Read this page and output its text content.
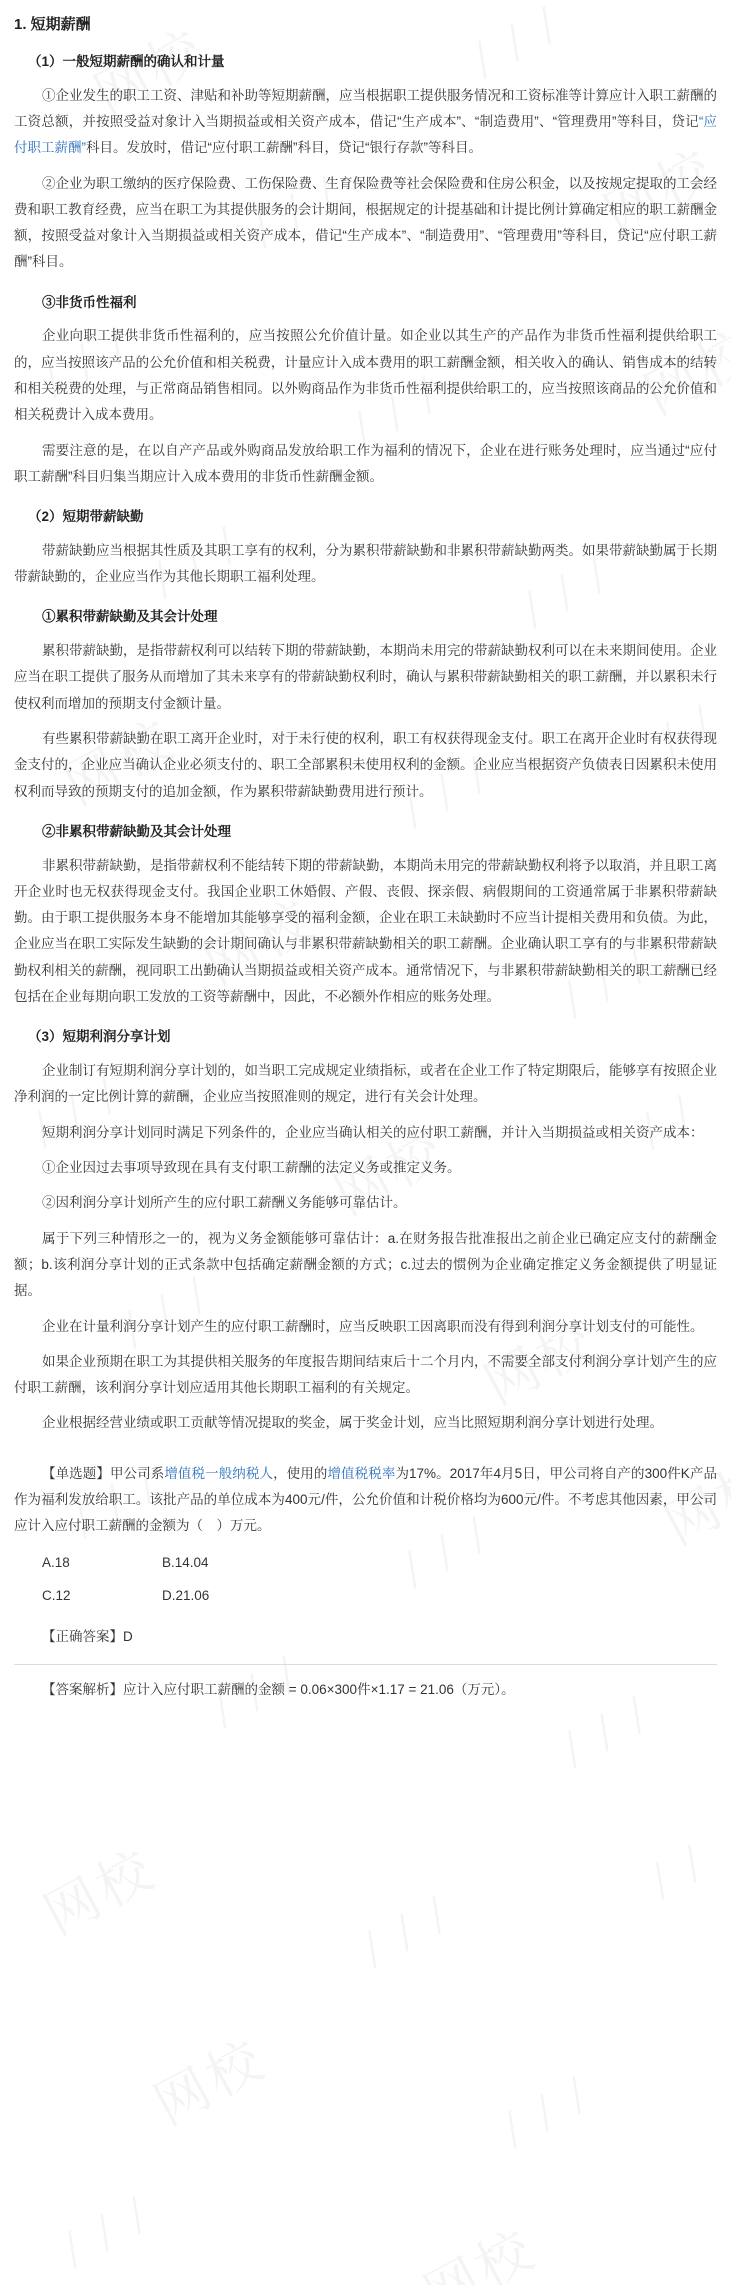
1. 短期薪酬
（1）一般短期薪酬的确认和计量

①企业发生的职工工资、津贴和补助等短期薪酬，应当根据职工提供服务情况和工资标准等计算应计入职工薪酬的工资总额，并按照受益对象计入当期损益或相关资产成本，借记“生产成本”、“制造费用”、“管理费用”等科目，贷记“应付职工薪酬”科目。发放时，借记“应付职工薪酬”科目，贷记“银行存款”等科目。

②企业为职工缴纳的医疗保险费、工伤保险费、生育保险费等社会保险费和住房公积金，以及按规定提取的工会经费和职工教育经费，应当在职工为其提供服务的会计期间，根据规定的计提基础和计提比例计算确定相应的职工薪酬金额，按照受益对象计入当期损益或相关资产成本，借记“生产成本”、“制造费用”、“管理费用”等科目，贷记“应付职工薪酬”科目。

③非货币性福利

企业向职工提供非货币性福利的，应当按照公允价值计量。如企业以其生产的产品作为非货币性福利提供给职工的，应当按照该产品的公允价值和相关税费，计量应计入成本费用的职工薪酬金额，相关收入的确认、销售成本的结转和相关税费的处理，与正常商品销售相同。以外购商品作为非货币性福利提供给职工的，应当按照该商品的公允价值和相关税费计入成本费用。

需要注意的是，在以自产产品或外购商品发放给职工作为福利的情况下，企业在进行账务处理时，应当通过“应付职工薪酬”科目归集当期应计入成本费用的非货币性薪酬金额。

（2）短期带薪缺勤

带薪缺勤应当根据其性质及其职工享有的权利，分为累积带薪缺勤和非累积带薪缺勤两类。如果带薪缺勤属于长期带薪缺勤的，企业应当作为其他长期职工福利处理。

①累积带薪缺勤及其会计处理

累积带薪缺勤，是指带薪权利可以结转下期的带薪缺勤，本期尚未用完的带薪缺勤权利可以在未来期间使用。企业应当在职工提供了服务从而增加了其未来享有的带薪缺勤权利时，确认与累积带薪缺勤相关的职工薪酬，并以累积未行使权利而增加的预期支付金额计量。

有些累积带薪缺勤在职工离开企业时，对于未行使的权利，职工有权获得现金支付。职工在离开企业时有权获得现金支付的，企业应当确认企业必须支付的、职工全部累积未使用权利的金额。企业应当根据资产负债表日因累积未使用权利而导致的预期支付的追加金额，作为累积带薪缺勤费用进行预计。

②非累积带薪缺勤及其会计处理

非累积带薪缺勤，是指带薪权利不能结转下期的带薪缺勤，本期尚未用完的带薪缺勤权利将予以取消，并且职工离开企业时也无权获得现金支付。我国企业职工休婚假、产假、丧假、探亲假、病假期间的工资通常属于非累积带薪缺勤。由于职工提供服务本身不能增加其能够享受的福利金额，企业在职工未缺勤时不应当计提相关费用和负债。为此，企业应当在职工实际发生缺勤的会计期间确认与非累积带薪缺勤相关的职工薪酬。企业确认职工享有的与非累积带薪缺勤权利相关的薪酬，视同职工出勤确认当期损益或相关资产成本。通常情况下，与非累积带薪缺勤相关的职工薪酬已经包括在企业每期向职工发放的工资等薪酬中，因此，不必额外作相应的账务处理。

（3）短期利润分享计划

企业制订有短期利润分享计划的，如当职工完成规定业绩指标，或者在企业工作了特定期限后，能够享有按照企业净利润的一定比例计算的薪酬，企业应当按照准则的规定，进行有关会计处理。

短期利润分享计划同时满足下列条件的，企业应当确认相关的应付职工薪酬，并计入当期损益或相关资产成本：

①企业因过去事项导致现在具有支付职工薪酬的法定义务或推定义务。

②因利润分享计划所产生的应付职工薪酬义务能够可靠估计。

属于下列三种情形之一的，视为义务金额能够可靠估计：a.在财务报告批准报出之前企业已确定应支付的薪酬金额；b.该利润分享计划的正式条款中包括确定薪酬金额的方式；c.过去的惯例为企业确定推定义务金额提供了明显证据。

企业在计量利润分享计划产生的应付职工薪酬时，应当反映职工因离职而没有得到利润分享计划支付的可能性。

如果企业预期在职工为其提供相关服务的年度报告期间结束后十二个月内，不需要全部支付利润分享计划产生的应付职工薪酬，该利润分享计划应适用其他长期职工福利的有关规定。

企业根据经营业绩或职工贡献等情况提取的奖金，属于奖金计划，应当比照短期利润分享计划进行处理。

【单选题】甲公司系增值税一般纳税人，使用的增值税税率为17%。2017年4月5日，甲公司将自产的300件K产品作为福利发放给职工。该批产品的单位成本为400元/件，公允价值和计税价格均为600元/件。不考虑其他因素，甲公司应计入应付职工薪酬的金额为（　）万元。

A.18	B.14.04
C.12	D.21.06
【正确答案】D
【答案解析】应计入应付职工薪酬的金额 = 0.06×300件×1.17 = 21.06（万元）。
